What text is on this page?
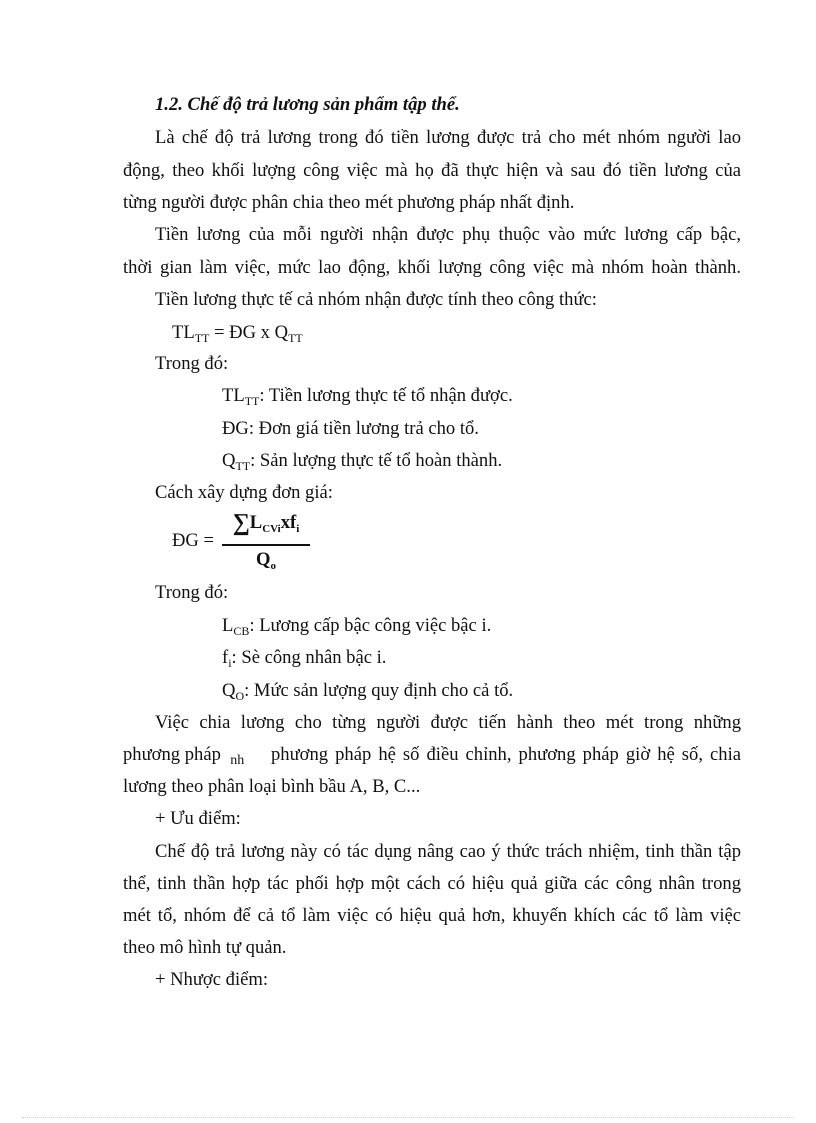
1.2. Chế độ trả lương sản phẩm tập thể.
Là chế độ trả lương trong đó tiền lương được trả cho mét nhóm người lao
động, theo khối lượng công việc mà họ đã thực hiện và sau đó tiền lương của
từng người được phân chia theo mét phương pháp nhất định.
Tiền lương của mỗi người nhận được phụ thuộc vào mức lương cấp bậc,
thời gian làm việc, mức lao động, khối lượng công việc mà nhóm hoàn thành.
Tiền lương thực tế cả nhóm nhận được tính theo công thức:
$TL_{TT}$ = ĐG x $Q_{TT}$
Trong đó:
$TL_{TT}$: Tiền lương thực tế tổ nhận được.
ĐG: Đơn giá tiền lương trả cho tổ.
$Q_{TT}$: Sản lượng thực tế tổ hoàn thành.
Cách xây dựng đơn giá:
ĐG =
$\sum L_{CVi}xf_i$
$Q_o$
Trong đó:
$L_{CB}$: Lương cấp bậc công việc bậc i.
$f_i$: Sè công nhân bậc i.
$Q_O$: Mức sản lượng quy định cho cả tổ.
Việc chia lương cho từng người được tiến hành theo mét trong những
phương pháp $_{nh}$ phương pháp hệ số điều chỉnh, phương pháp giờ hệ số, chia
lương theo phân loại bình bầu A, B, C...
+ Ưu điểm:
Chế độ trả lương này có tác dụng nâng cao ý thức trách nhiệm, tinh thần tập
thể, tinh thần hợp tác phối hợp một cách có hiệu quả giữa các công nhân trong
mét tổ, nhóm để cả tổ làm việc có hiệu quả hơn, khuyến khích các tổ làm việc
theo mô hình tự quản.
+ Nhược điểm:
